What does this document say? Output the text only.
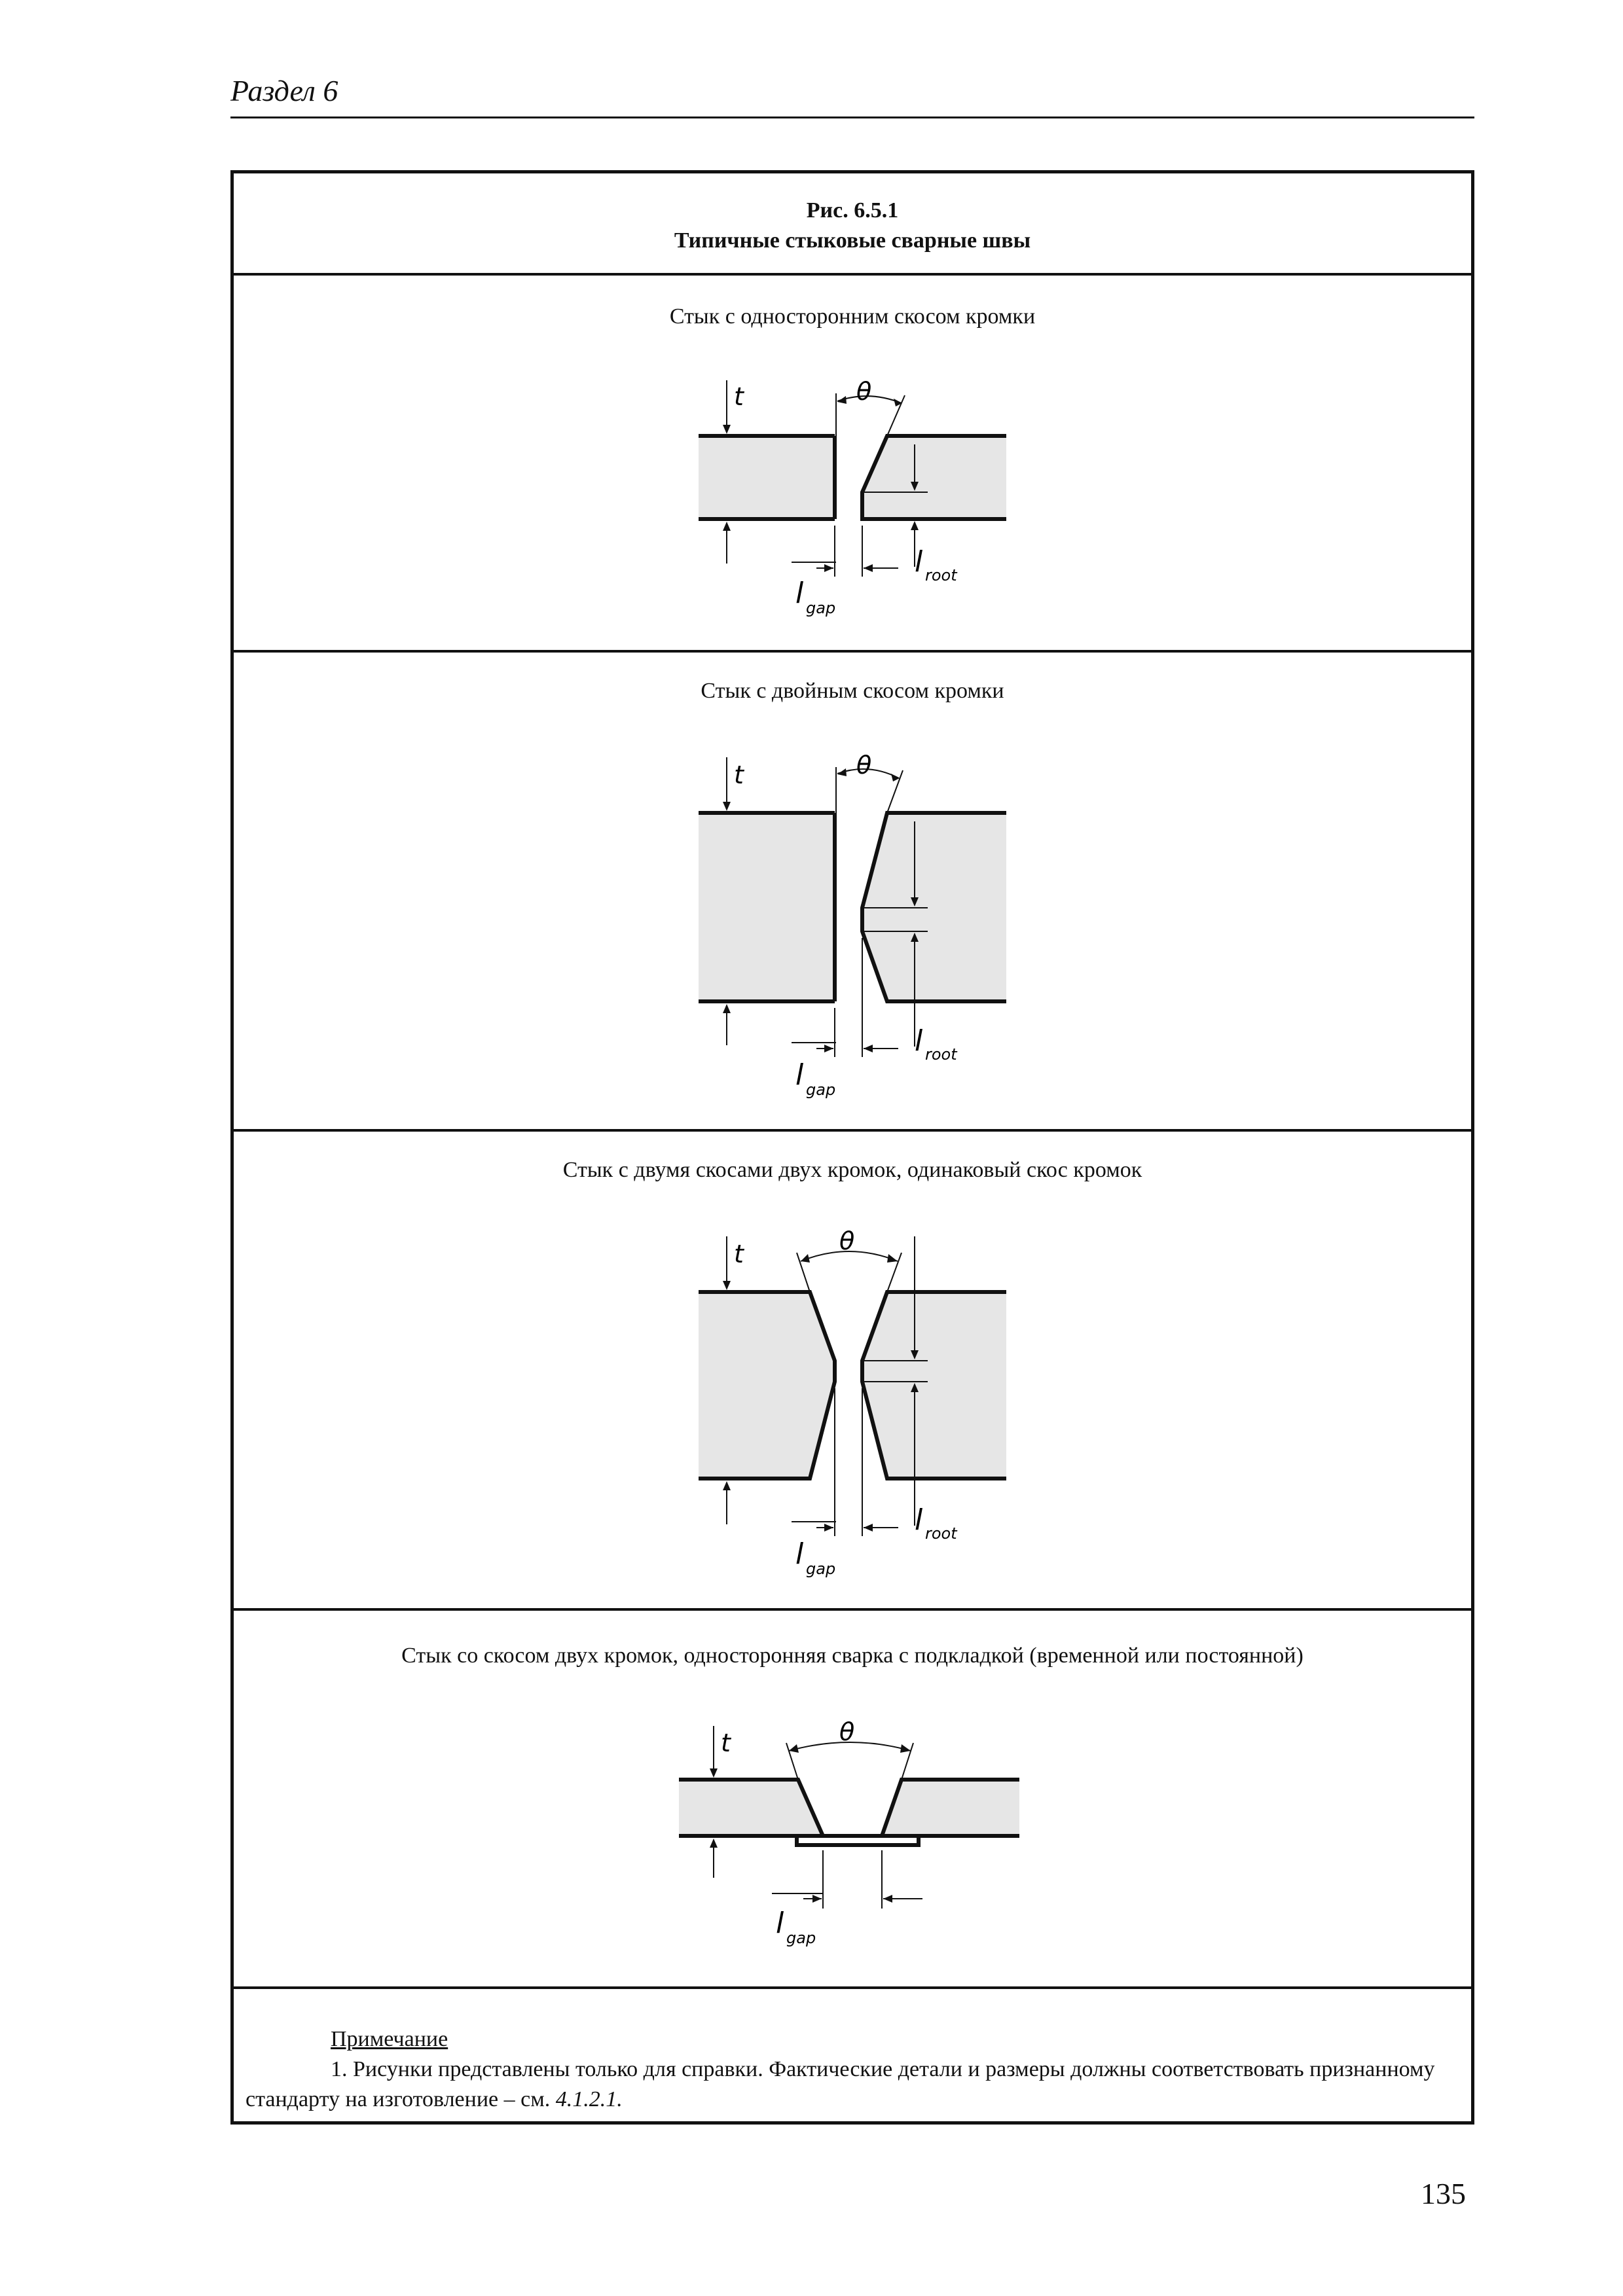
Раздел 6
Рис. 6.5.1
Типичные стыковые сварные швы
Стык с односторонним скосом кромки
t	θ
l root
l gap
Стык с двойным скосом кромки
t	θ
l root
l gap
Стык с двумя скосами двух кромок, одинаковый скос кромок
t	θ
l root
l gap
Стык со скосом двух кромок, односторонняя сварка с подкладкой (временной или постоянной)
t	θ
l gap
Примечание
1. Рисунки представлены только для справки. Фактические детали и размеры должны соответствовать признанному
стандарту на изготовление – см. 4.1.2.1.
135
